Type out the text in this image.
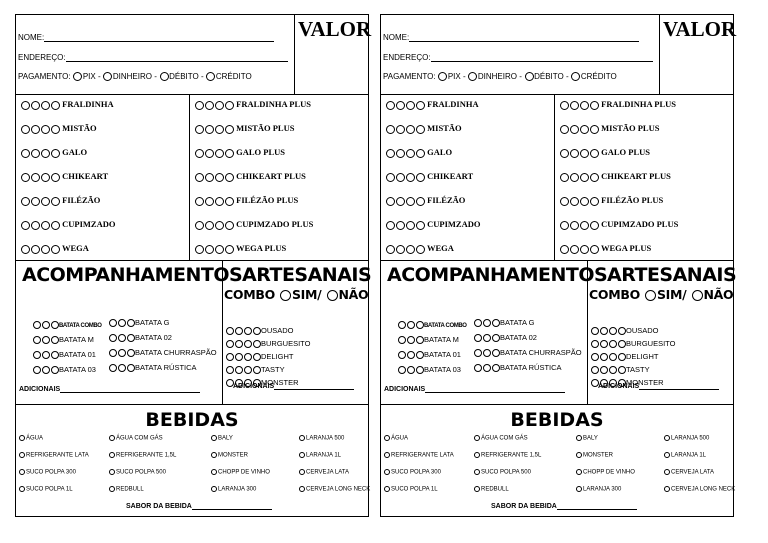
NOME:
ENDEREÇO:
PAGAMENTO: PIX - DINHEIRO - DÉBITO - CRÉDITO
VALOR
FRALDINHA
MISTÃO
GALO
CHIKEART
FILÉZÃO
CUPIMZADO
WEGA
FRALDINHA PLUS
MISTÃO PLUS
GALO PLUS
CHIKEART PLUS
FILÉZÃO PLUS
CUPIMZADO PLUS
WEGA PLUS
ACOMPANHAMENTOS
BATATA COMBO
BATATA M
BATATA 01
BATATA 03
BATATA G
BATATA 02
BATATA CHURRASPÃO
BATATA RÚSTICA
ADICIONAIS
ARTESANAIS
COMBO SIM/ NÃO
OUSADO
BURGUESITO
DELIGHT
TASTY
MONSTER
ADICIONAIS
BEBIDAS
ÁGUA
REFRIGERANTE LATA
SUCO POLPA 300
SUCO POLPA 1L
ÁGUA COM GÁS
REFRIGERANTE 1,5L
SUCO POLPA 500
REDBULL
BALY
MONSTER
CHOPP DE VINHO
LARANJA 300
LARANJA 500
LARANJA 1L
CERVEJA LATA
CERVEJA LONG NECK
SABOR DA BEBIDA
NOME:
ENDEREÇO:
PAGAMENTO: PIX - DINHEIRO - DÉBITO - CRÉDITO
VALOR
FRALDINHA
MISTÃO
GALO
CHIKEART
FILÉZÃO
CUPIMZADO
WEGA
FRALDINHA PLUS
MISTÃO PLUS
GALO PLUS
CHIKEART PLUS
FILÉZÃO PLUS
CUPIMZADO PLUS
WEGA PLUS
ACOMPANHAMENTOS
BATATA COMBO
BATATA M
BATATA 01
BATATA 03
BATATA G
BATATA 02
BATATA CHURRASPÃO
BATATA RÚSTICA
ADICIONAIS
ARTESANAIS
COMBO SIM/ NÃO
OUSADO
BURGUESITO
DELIGHT
TASTY
MONSTER
ADICIONAIS
BEBIDAS
ÁGUA
REFRIGERANTE LATA
SUCO POLPA 300
SUCO POLPA 1L
ÁGUA COM GÁS
REFRIGERANTE 1,5L
SUCO POLPA 500
REDBULL
BALY
MONSTER
CHOPP DE VINHO
LARANJA 300
LARANJA 500
LARANJA 1L
CERVEJA LATA
CERVEJA LONG NECK
SABOR DA BEBIDA
